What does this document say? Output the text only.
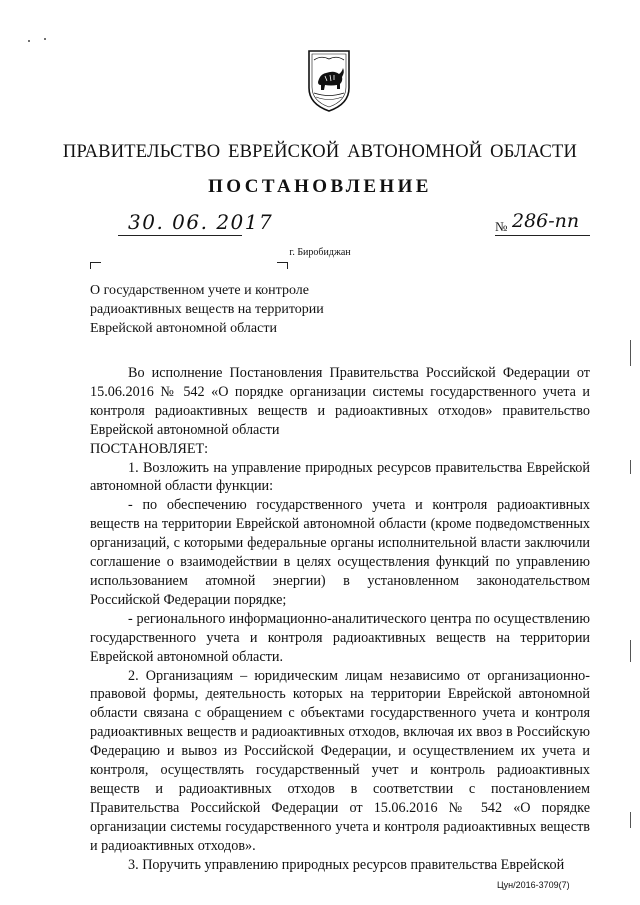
ПРАВИТЕЛЬСТВО ЕВРЕЙСКОЙ АВТОНОМНОЙ ОБЛАСТИ
ПОСТАНОВЛЕНИЕ
30. 06. 2017	№ 286-пп
г. Биробиджан
О государственном учете и контроле
радиоактивных веществ на территории
Еврейской автономной области

Во исполнение Постановления Правительства Российской Федерации от 15.06.2016 № 542 «О порядке организации системы государственного учета и контроля радиоактивных веществ и радиоактивных отходов» правительство Еврейской автономной области

ПОСТАНОВЛЯЕТ:

1. Возложить на управление природных ресурсов правительства Еврейской автономной области функции:

- по обеспечению государственного учета и контроля радиоактивных веществ на территории Еврейской автономной области (кроме подведомственных организаций, с которыми федеральные органы исполнительной власти заключили соглашение о взаимодействии в целях осуществления функций по управлению использованием атомной энергии) в установленном законодательством Российской Федерации порядке;

- регионального информационно-аналитического центра по осуществлению государственного учета и контроля радиоактивных веществ на территории Еврейской автономной области.

2. Организациям – юридическим лицам независимо от организационно-правовой формы, деятельность которых на территории Еврейской автономной области связана с обращением с объектами государственного учета и контроля радиоактивных веществ и радиоактивных отходов, включая их ввоз в Российскую Федерацию и вывоз из Российской Федерации, и осуществлением их учета и контроля, осуществлять государственный учет и контроль радиоактивных веществ и радиоактивных отходов в соответствии с постановлением Правительства Российской Федерации от 15.06.2016 № 542 «О порядке организации системы государственного учета и контроля радиоактивных веществ и радиоактивных отходов».

3. Поручить управлению природных ресурсов правительства Еврейской

Цун/2016-3709(7)
